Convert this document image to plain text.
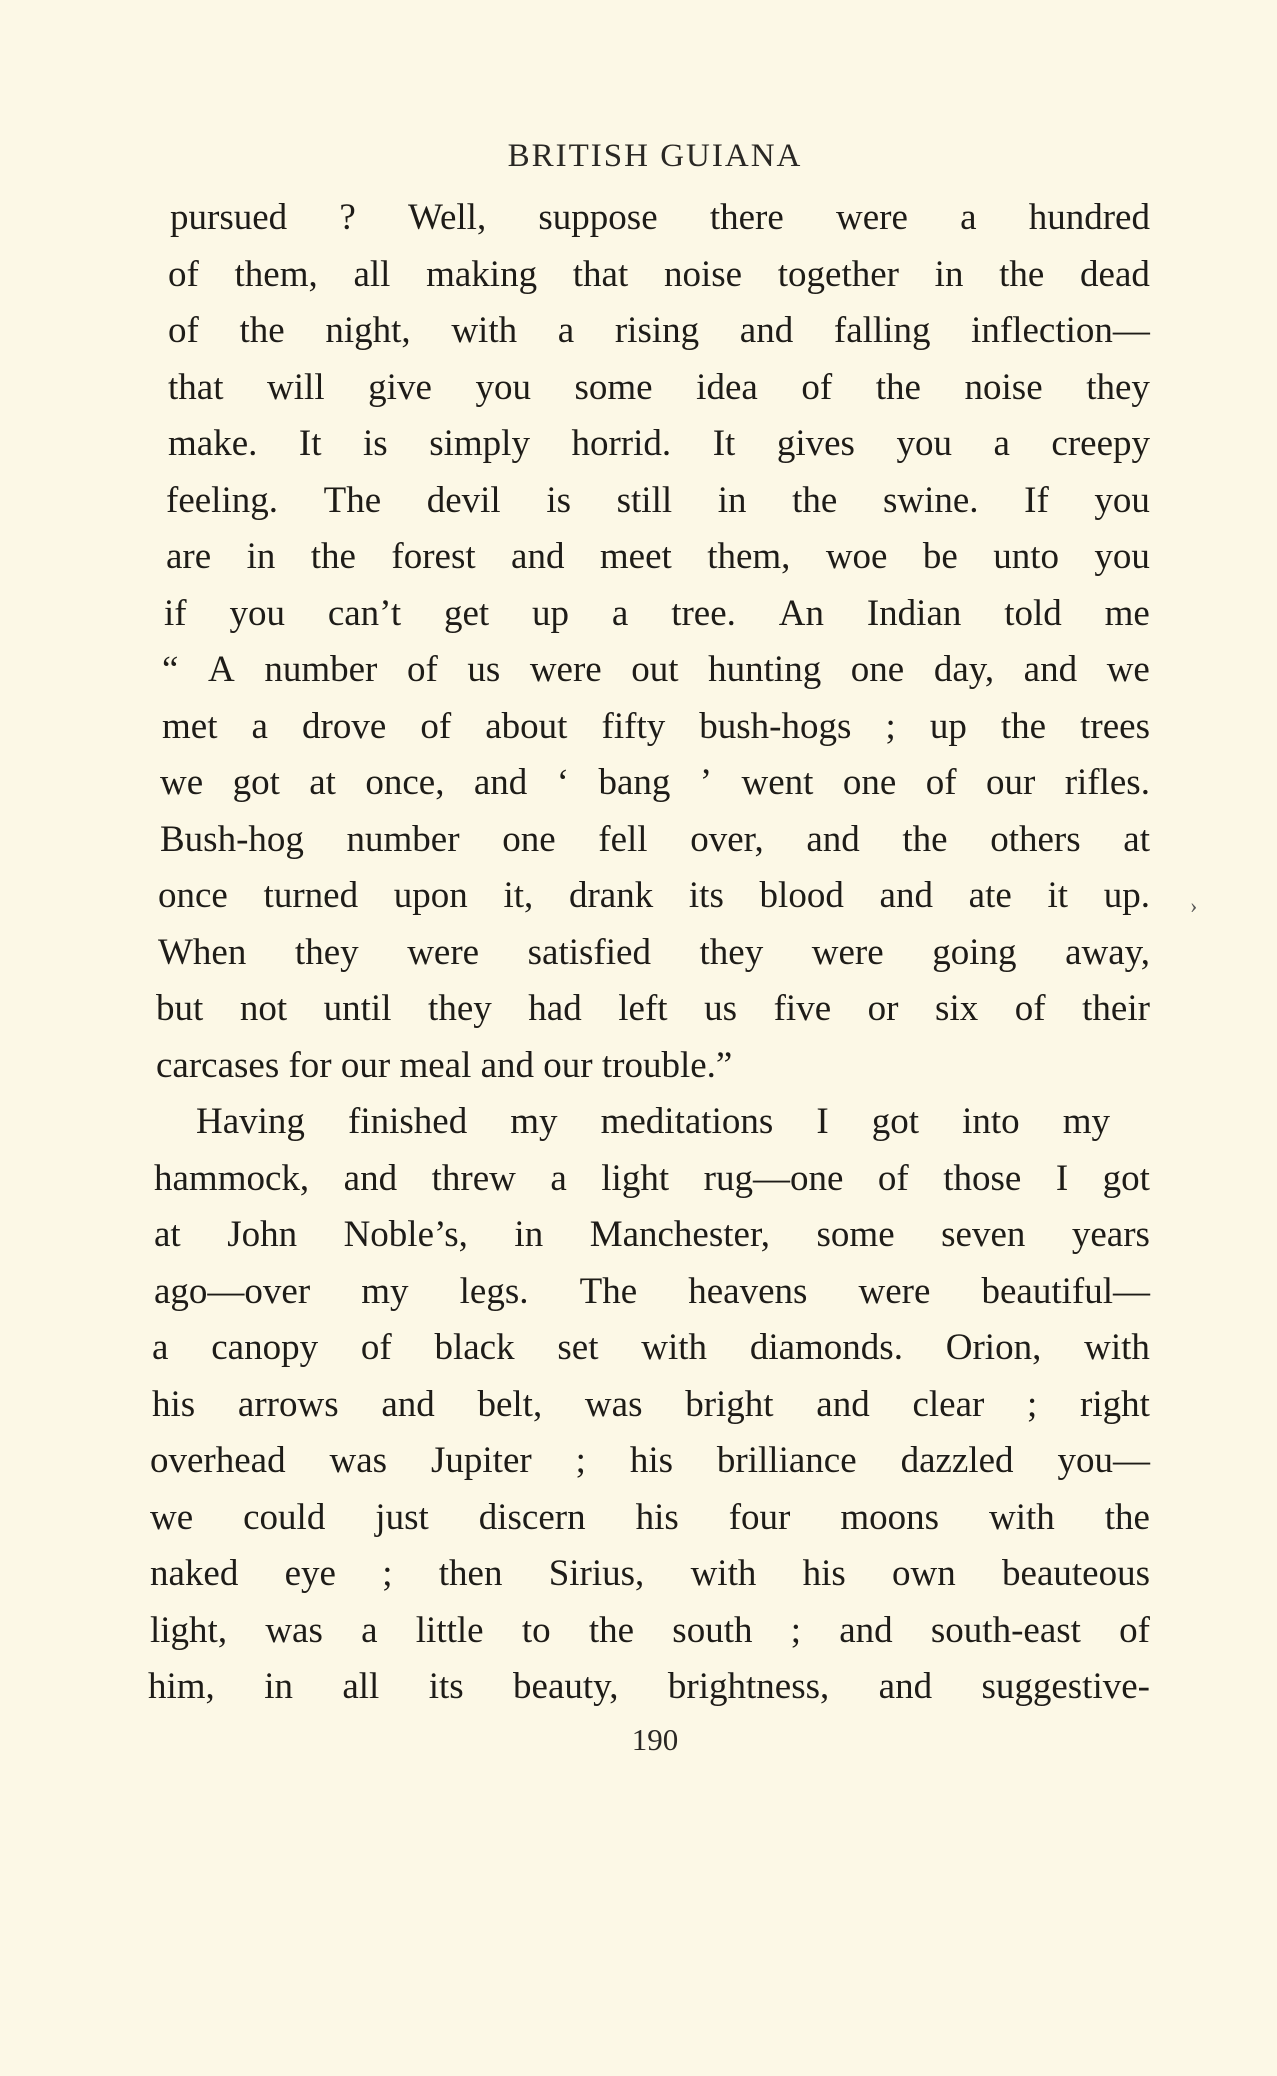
BRITISH GUIANA
pursued ? Well, suppose there were a hundred
of them, all making that noise together in the dead
of the night, with a rising and falling inflection—
that will give you some idea of the noise they
make. It is simply horrid. It gives you a creepy
feeling. The devil is still in the swine. If you
are in the forest and meet them, woe be unto you
if you can’t get up a tree. An Indian told me
“ A number of us were out hunting one day, and we
met a drove of about fifty bush-hogs ; up the trees
we got at once, and ‘ bang ’ went one of our rifles.
Bush-hog number one fell over, and the others at
once turned upon it, drank its blood and ate it up.
When they were satisfied they were going away,
but not until they had left us five or six of their
carcases for our meal and our trouble.”
Having finished my meditations I got into my
hammock, and threw a light rug—one of those I got
at John Noble’s, in Manchester, some seven years
ago—over my legs. The heavens were beautiful—
a canopy of black set with diamonds. Orion, with
his arrows and belt, was bright and clear ; right
overhead was Jupiter ; his brilliance dazzled you—
we could just discern his four moons with the
naked eye ; then Sirius, with his own beauteous
light, was a little to the south ; and south-east of
him, in all its beauty, brightness, and suggestive-
›
190
